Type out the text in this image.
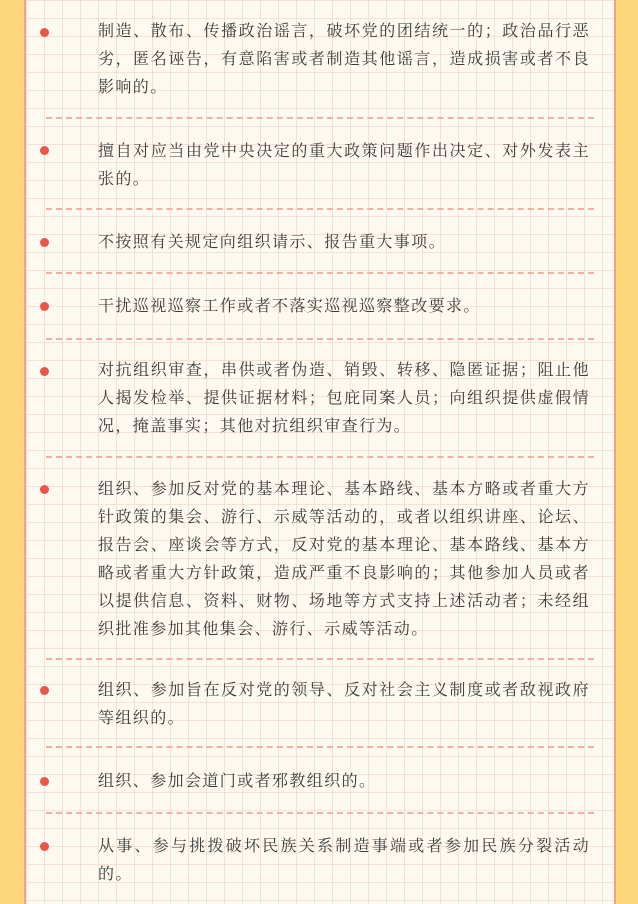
制造、散布、传播政治谣言，破坏党的团结统一的；政治品行恶劣，匿名诬告，有意陷害或者制造其他谣言，造成损害或者不良影响的。
擅自对应当由党中央决定的重大政策问题作出决定、对外发表主张的。
不按照有关规定向组织请示、报告重大事项。
干扰巡视巡察工作或者不落实巡视巡察整改要求。
对抗组织审查，串供或者伪造、销毁、转移、隐匿证据；阻止他人揭发检举、提供证据材料；包庇同案人员；向组织提供虚假情况，掩盖事实；其他对抗组织审查行为。
组织、参加反对党的基本理论、基本路线、基本方略或者重大方针政策的集会、游行、示威等活动的，或者以组织讲座、论坛、报告会、座谈会等方式，反对党的基本理论、基本路线、基本方略或者重大方针政策，造成严重不良影响的；其他参加人员或者以提供信息、资料、财物、场地等方式支持上述活动者；未经组织批准参加其他集会、游行、示威等活动。
组织、参加旨在反对党的领导、反对社会主义制度或者敌视政府等组织的。
组织、参加会道门或者邪教组织的。
从事、参与挑拨破坏民族关系制造事端或者参加民族分裂活动的。
